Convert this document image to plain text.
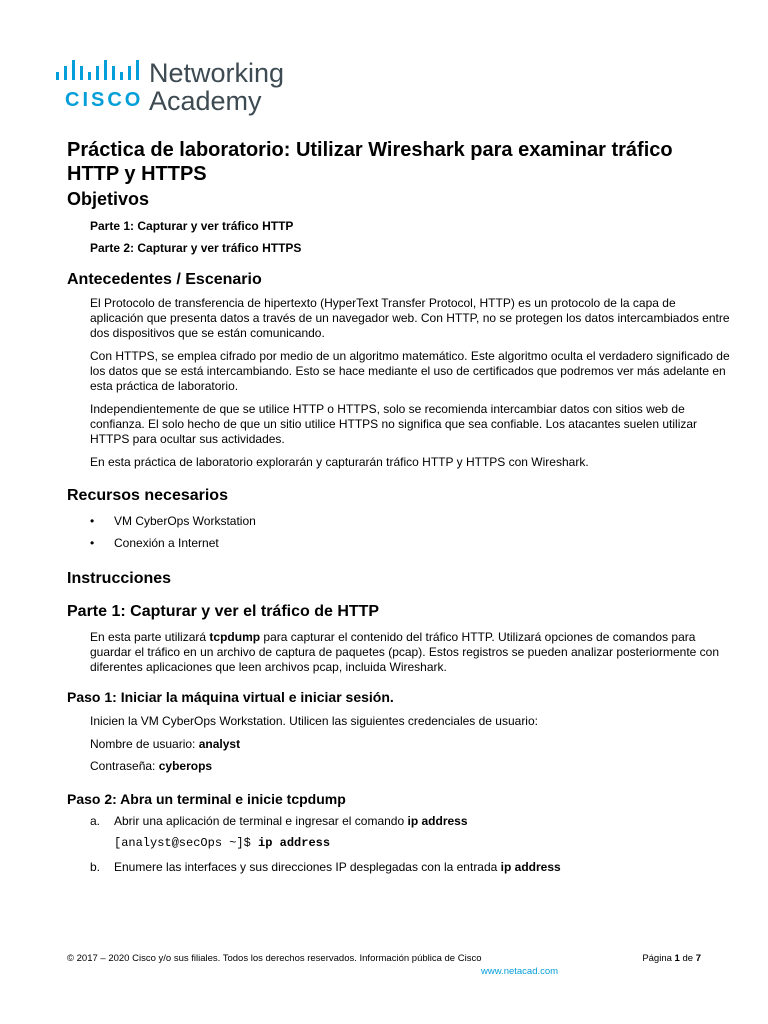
CISCO
Networking
Academy
Práctica de laboratorio: Utilizar Wireshark para examinar tráfico HTTP y HTTPS
Objetivos
Parte 1: Capturar y ver tráfico HTTP
Parte 2: Capturar y ver tráfico HTTPS
Antecedentes / Escenario

El Protocolo de transferencia de hipertexto (HyperText Transfer Protocol, HTTP) es un protocolo de la capa de aplicación que presenta datos a través de un navegador web. Con HTTP, no se protegen los datos intercambiados entre dos dispositivos que se están comunicando.

Con HTTPS, se emplea cifrado por medio de un algoritmo matemático. Este algoritmo oculta el verdadero significado de los datos que se está intercambiando. Esto se hace mediante el uso de certificados que podremos ver más adelante en esta práctica de laboratorio.

Independientemente de que se utilice HTTP o HTTPS, solo se recomienda intercambiar datos con sitios web de confianza. El solo hecho de que un sitio utilice HTTPS no significa que sea confiable. Los atacantes suelen utilizar HTTPS para ocultar sus actividades.

En esta práctica de laboratorio explorarán y capturarán tráfico HTTP y HTTPS con Wireshark.

Recursos necesarios
• VM CyberOps Workstation
• Conexión a Internet
Instrucciones
Parte 1: Capturar y ver el tráfico de HTTP

En esta parte utilizará tcpdump para capturar el contenido del tráfico HTTP. Utilizará opciones de comandos para guardar el tráfico en un archivo de captura de paquetes (pcap). Estos registros se pueden analizar posteriormente con diferentes aplicaciones que leen archivos pcap, incluida Wireshark.

Paso 1: Iniciar la máquina virtual e iniciar sesión.
Inicien la VM CyberOps Workstation. Utilicen las siguientes credenciales de usuario:
Nombre de usuario: analyst
Contraseña: cyberops
Paso 2: Abra un terminal e inicie tcpdump
a. Abrir una aplicación de terminal e ingresar el comando ip address
[analyst@secOps ~]$ ip address
b. Enumere las interfaces y sus direcciones IP desplegadas con la entrada ip address
© 2017 – 2020 Cisco y/o sus filiales. Todos los derechos reservados. Información pública de Cisco	Página 1 de 7
www.netacad.com
